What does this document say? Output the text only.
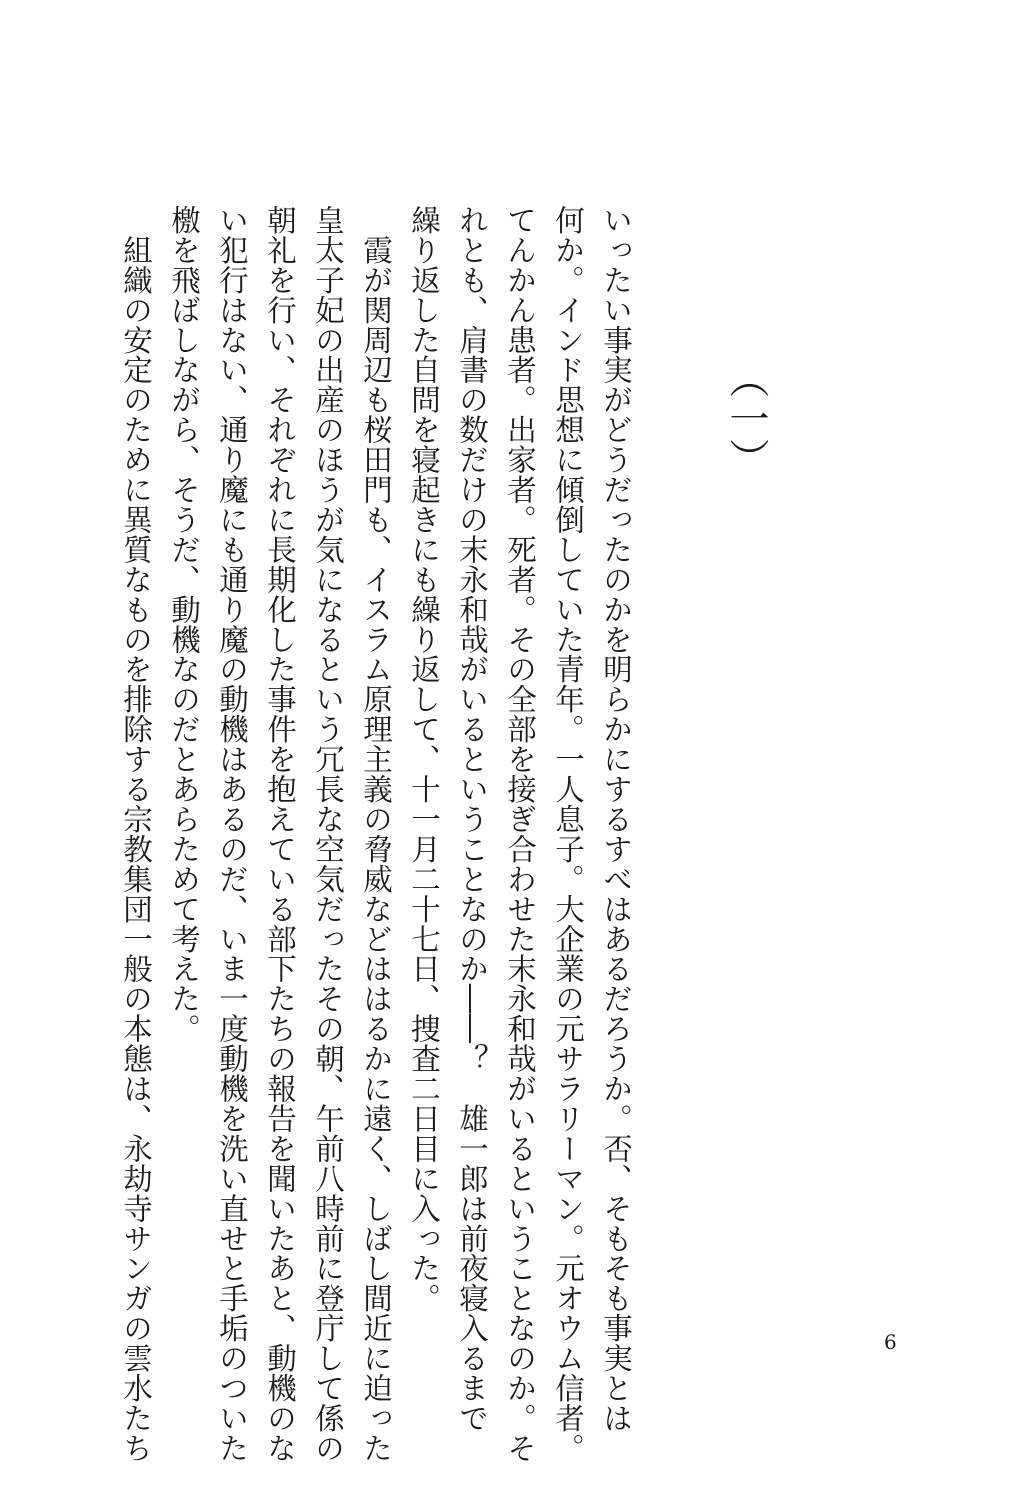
（一）
いったい事実がどうだったのかを明らかにするすべはあるだろうか。否、そもそも事実とは
何か。インド思想に傾倒していた青年。一人息子。大企業の元サラリーマン。元オウム信者。
てんかん患者。出家者。死者。その全部を接ぎ合わせた末永和哉がいるということなのか。そ
れとも、肩書の数だけの末永和哉がいるということなのか――？　雄一郎は前夜寝入るまで
繰り返した自問を寝起きにも繰り返して、十一月二十七日、捜査二日目に入った。
　霞が関周辺も桜田門も、イスラム原理主義の脅威などははるかに遠く、しばし間近に迫った
皇太子妃の出産のほうが気になるという冗長な空気だったその朝、午前八時前に登庁して係の
朝礼を行い、それぞれに長期化した事件を抱えている部下たちの報告を聞いたあと、動機のな
い犯行はない、通り魔にも通り魔の動機はあるのだ、いま一度動機を洗い直せと手垢のついた
檄を飛ばしながら、そうだ、動機なのだとあらためて考えた。
　組織の安定のために異質なものを排除する宗教集団一般の本態は、永劫寺サンガの雲水たち	6
